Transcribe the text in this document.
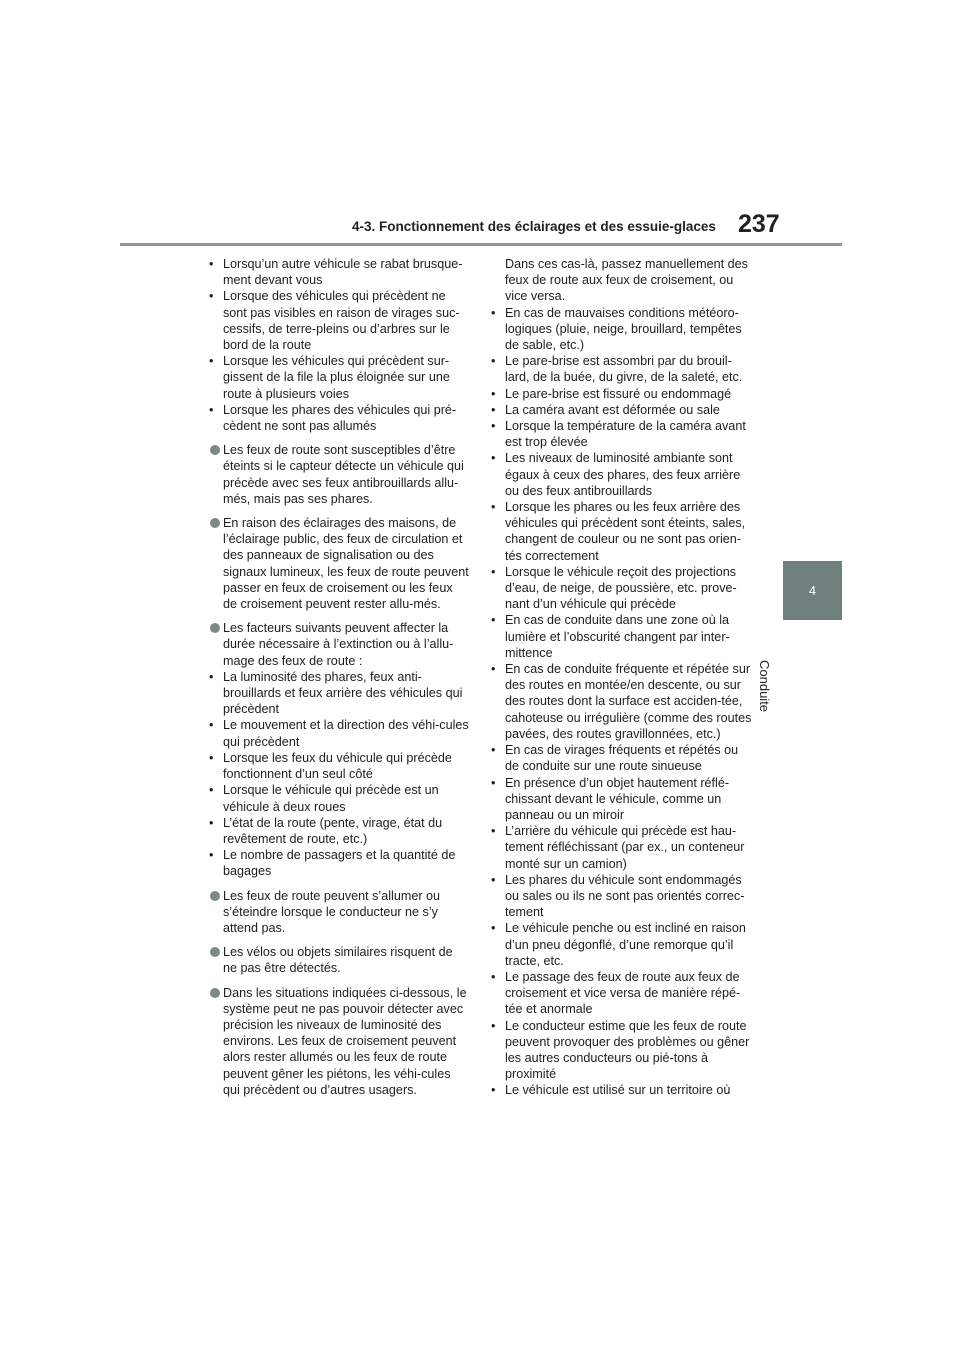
4-3. Fonctionnement des éclairages et des essuie-glaces 237
4
Conduite
• Lorsqu’un autre véhicule se rabat brusque-ment devant vous
• Lorsque des véhicules qui précèdent ne sont pas visibles en raison de virages suc-cessifs, de terre-pleins ou d’arbres sur le bord de la route
• Lorsque les véhicules qui précèdent sur-gissent de la file la plus éloignée sur une route à plusieurs voies
• Lorsque les phares des véhicules qui pré-cèdent ne sont pas allumés
Les feux de route sont susceptibles d’être éteints si le capteur détecte un véhicule qui précède avec ses feux antibrouillards allu-més, mais pas ses phares.
En raison des éclairages des maisons, de l’éclairage public, des feux de circulation et des panneaux de signalisation ou des signaux lumineux, les feux de route peuvent passer en feux de croisement ou les feux de croisement peuvent rester allu-més.
Les facteurs suivants peuvent affecter la durée nécessaire à l’extinction ou à l’allu-mage des feux de route :
• La luminosité des phares, feux anti-brouillards et feux arrière des véhicules qui précèdent
• Le mouvement et la direction des véhi-cules qui précèdent
• Lorsque les feux du véhicule qui précède fonctionnent d’un seul côté
• Lorsque le véhicule qui précède est un véhicule à deux roues
• L’état de la route (pente, virage, état du revêtement de route, etc.)
• Le nombre de passagers et la quantité de bagages
Les feux de route peuvent s’allumer ou s’éteindre lorsque le conducteur ne s’y attend pas.
Les vélos ou objets similaires risquent de ne pas être détectés.
Dans les situations indiquées ci-dessous, le système peut ne pas pouvoir détecter avec précision les niveaux de luminosité des environs. Les feux de croisement peuvent alors rester allumés ou les feux de route peuvent gêner les piétons, les véhi-cules qui précèdent ou d’autres usagers.
Dans ces cas-là, passez manuellement des feux de route aux feux de croisement, ou vice versa.
• En cas de mauvaises conditions météoro-logiques (pluie, neige, brouillard, tempêtes de sable, etc.)
• Le pare-brise est assombri par du brouil-lard, de la buée, du givre, de la saleté, etc.
• Le pare-brise est fissuré ou endommagé
• La caméra avant est déformée ou sale
• Lorsque la température de la caméra avant est trop élevée
• Les niveaux de luminosité ambiante sont égaux à ceux des phares, des feux arrière ou des feux antibrouillards
• Lorsque les phares ou les feux arrière des véhicules qui précèdent sont éteints, sales, changent de couleur ou ne sont pas orien-tés correctement
• Lorsque le véhicule reçoit des projections d’eau, de neige, de poussière, etc. prove-nant d’un véhicule qui précède
• En cas de conduite dans une zone où la lumière et l’obscurité changent par inter-mittence
• En cas de conduite fréquente et répétée sur des routes en montée/en descente, ou sur des routes dont la surface est acciden-tée, cahoteuse ou irrégulière (comme des routes pavées, des routes gravillonnées, etc.)
• En cas de virages fréquents et répétés ou de conduite sur une route sinueuse
• En présence d’un objet hautement réflé-chissant devant le véhicule, comme un panneau ou un miroir
• L’arrière du véhicule qui précède est hau-tement réfléchissant (par ex., un conteneur monté sur un camion)
• Les phares du véhicule sont endommagés ou sales ou ils ne sont pas orientés correc-tement
• Le véhicule penche ou est incliné en raison d’un pneu dégonflé, d’une remorque qu’il tracte, etc.
• Le passage des feux de route aux feux de croisement et vice versa de manière répé-tée et anormale
• Le conducteur estime que les feux de route peuvent provoquer des problèmes ou gêner les autres conducteurs ou pié-tons à proximité
• Le véhicule est utilisé sur un territoire où
